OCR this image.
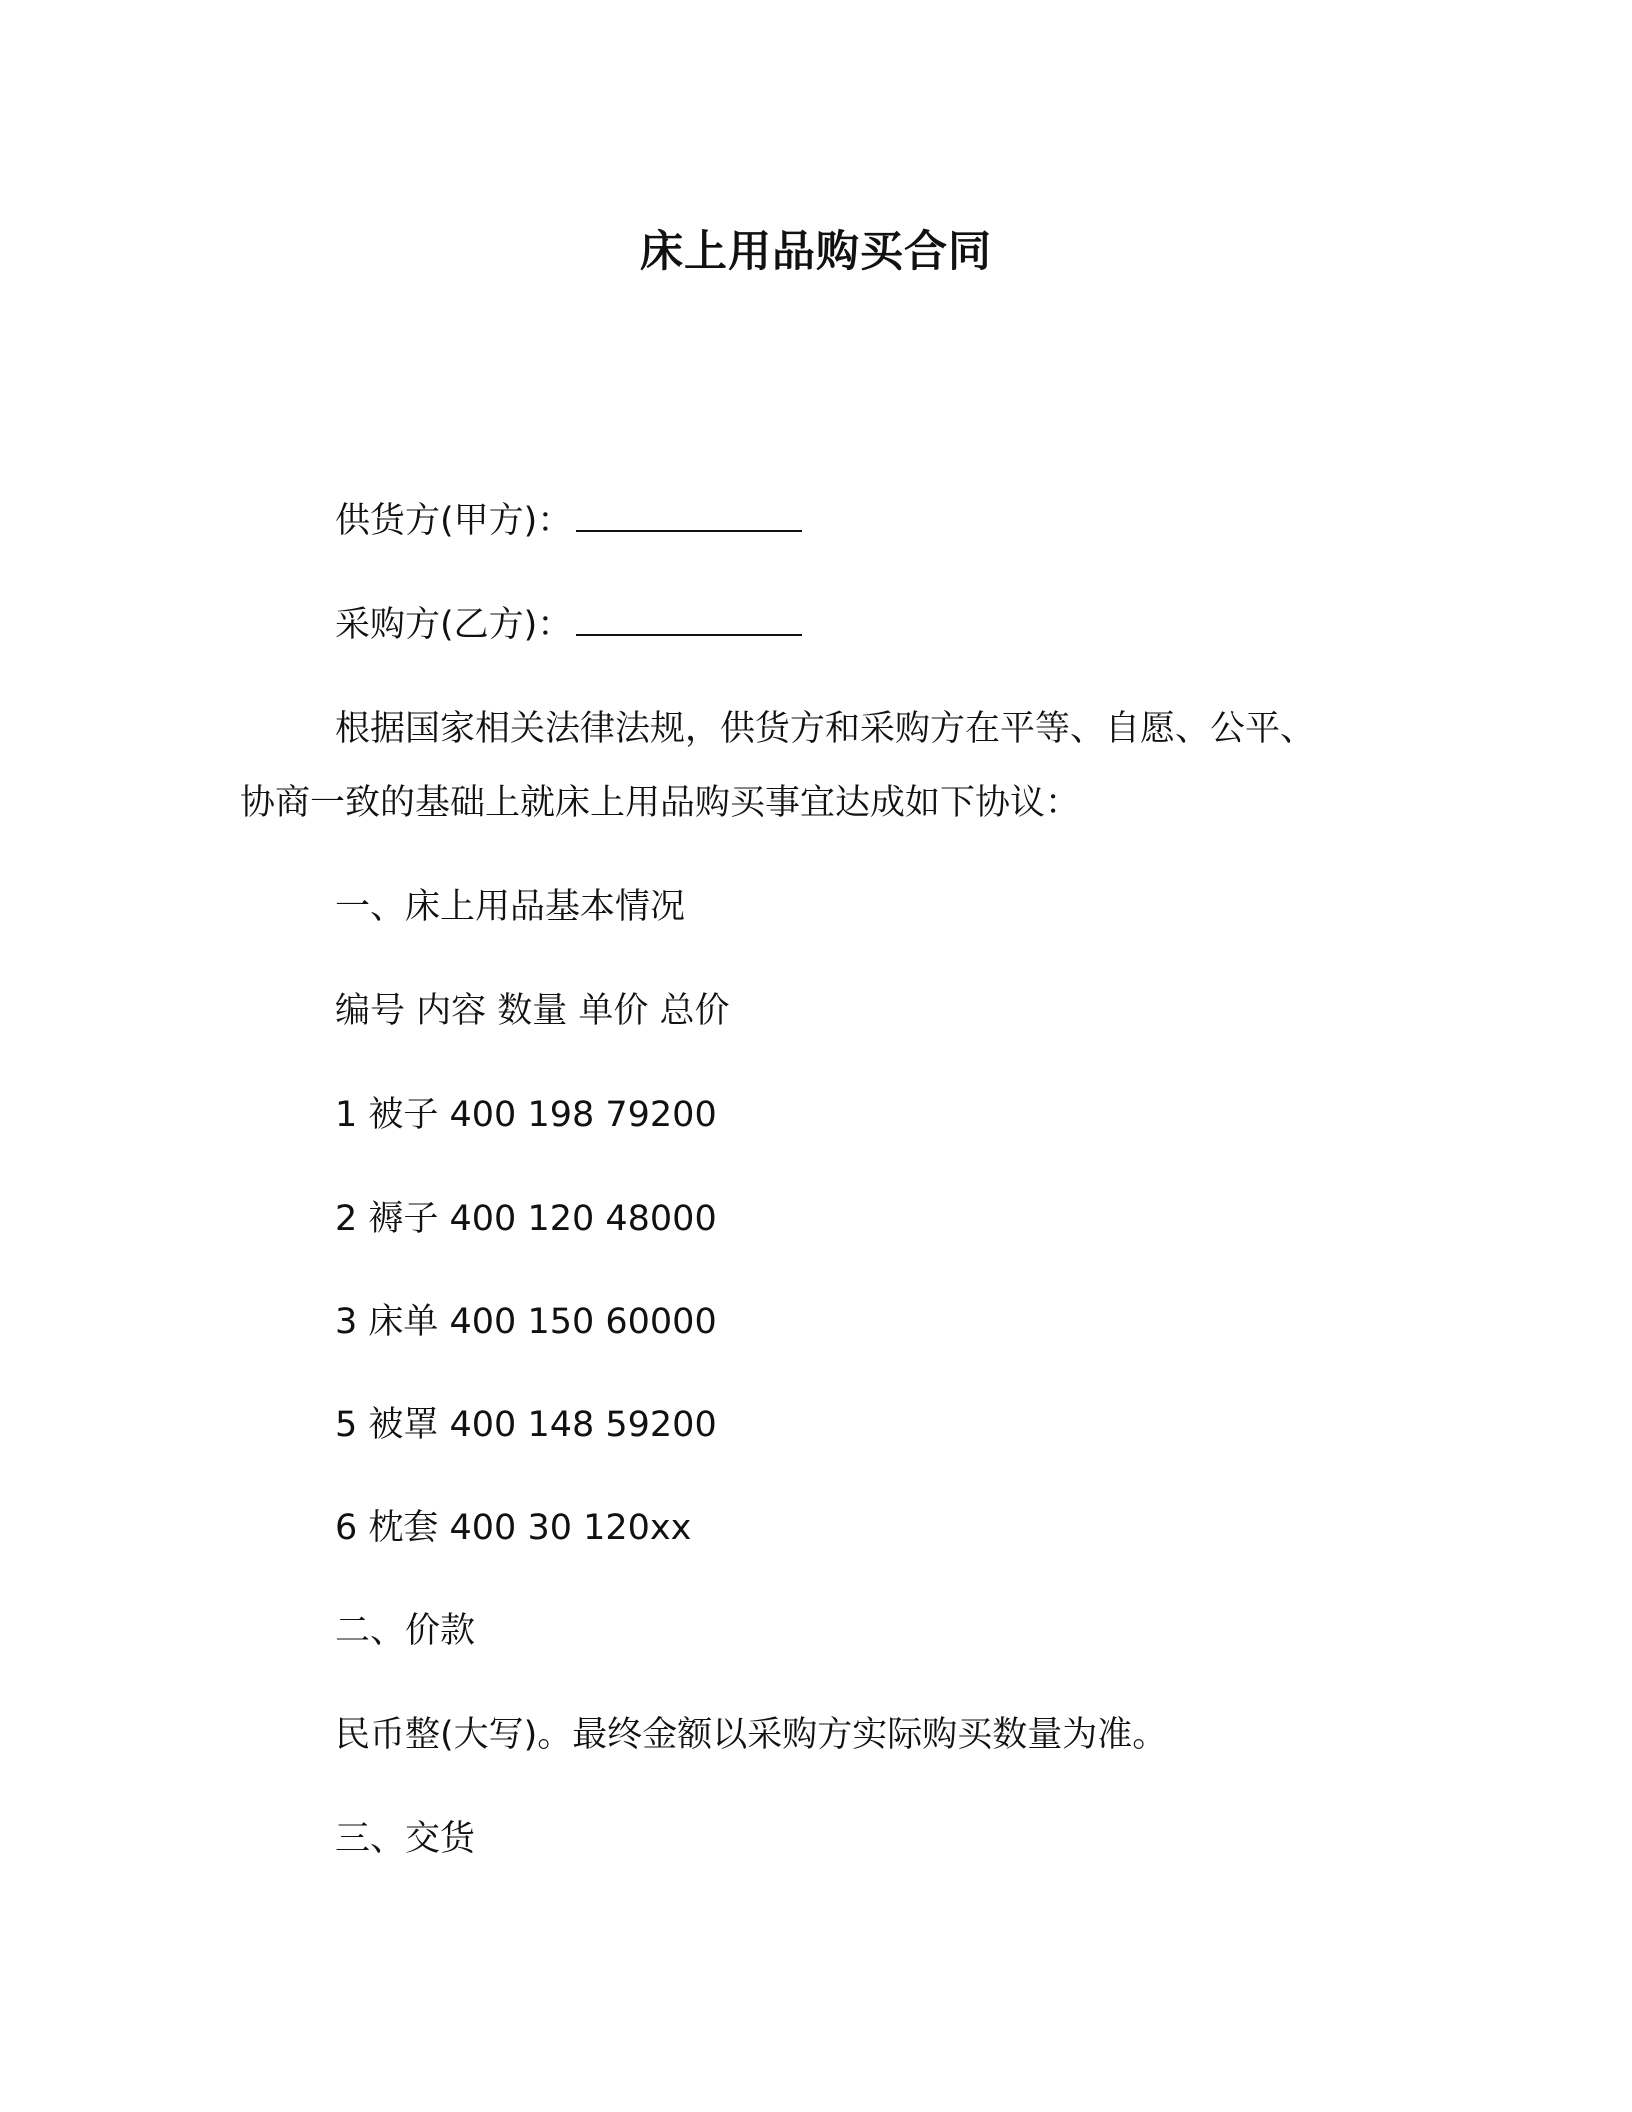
床上用品购买合同
供货方(甲方)：
采购方(乙方)：
根据国家相关法律法规，供货方和采购方在平等、自愿、公平、
协商一致的基础上就床上用品购买事宜达成如下协议：
一、床上用品基本情况
编号 内容 数量 单价 总价
1 被子 400 198 79200
2 褥子 400 120 48000
3 床单 400 150 60000
5 被罩 400 148 59200
6 枕套 400 30 120xx
二、价款
民币整(大写)。最终金额以采购方实际购买数量为准。
三、交货
